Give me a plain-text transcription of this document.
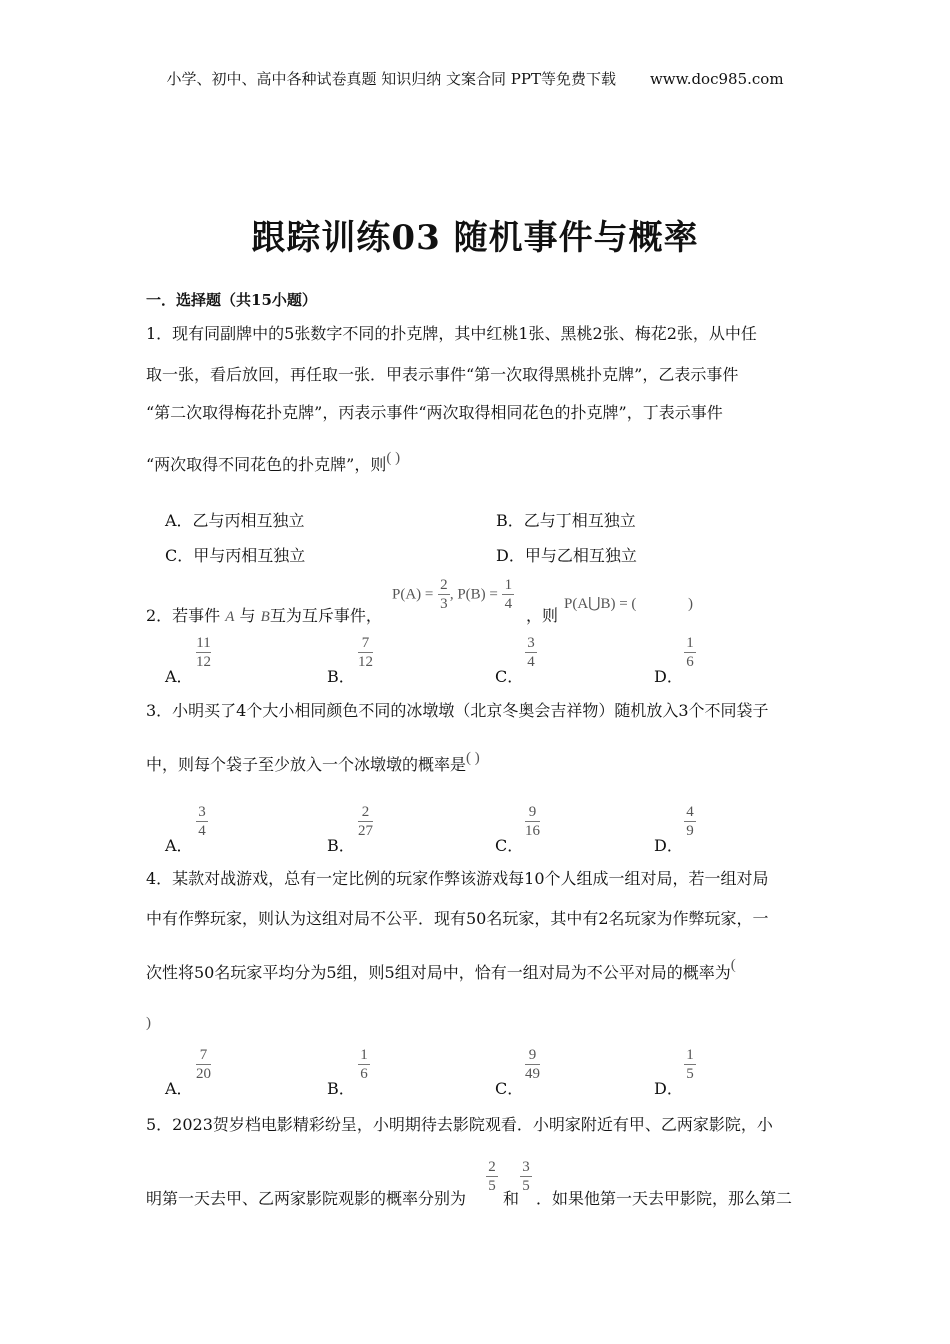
小学、初中、高中各种试卷真题 知识归纳 文案合同 PPT等免费下载 www.doc985.com
跟踪训练03 随机事件与概率
一．选择题（共15小题）
1．现有同副牌中的5张数字不同的扑克牌，其中红桃1张、黑桃2张、梅花2张，从中任
取一张，看后放回，再任取一张．甲表示事件“第一次取得黑桃扑克牌”，乙表示事件
“第二次取得梅花扑克牌”，丙表示事件“两次取得相同花色的扑克牌”，丁表示事件
“两次取得不同花色的扑克牌”，则( )
A．乙与丙相互独立	B．乙与丁相互独立
C．甲与丙相互独立	D．甲与乙相互独立
2．若事件 A 与 B互为互斥事件，
$P(A) = \frac{2}{3}$ , $P(B) = \frac{1}{4}$
，则
P(A⋃B) = (	)
A．
$\frac{11}{12}$
B．
$\frac{7}{12}$
C．
$\frac{3}{4}$
D．
$\frac{1}{6}$
3．小明买了4个大小相同颜色不同的冰墩墩（北京冬奥会吉祥物）随机放入3个不同袋子
中，则每个袋子至少放入一个冰墩墩的概率是( )
A．
$\frac{3}{4}$
B．
$\frac{2}{27}$
C．
$\frac{9}{16}$
D．
$\frac{4}{9}$
4．某款对战游戏，总有一定比例的玩家作弊该游戏每10个人组成一组对局，若一组对局
中有作弊玩家，则认为这组对局不公平．现有50名玩家，其中有2名玩家为作弊玩家，一
次性将50名玩家平均分为5组，则5组对局中，恰有一组对局为不公平对局的概率为(
)
A．
$\frac{7}{20}$
B．
$\frac{1}{6}$
C．
$\frac{9}{49}$
D．
$\frac{1}{5}$
5．2023贺岁档电影精彩纷呈，小明期待去影院观看．小明家附近有甲、乙两家影院，小
明第一天去甲、乙两家影院观影的概率分别为
$\frac{2}{5}$
和
$\frac{3}{5}$
．如果他第一天去甲影院，那么第二
